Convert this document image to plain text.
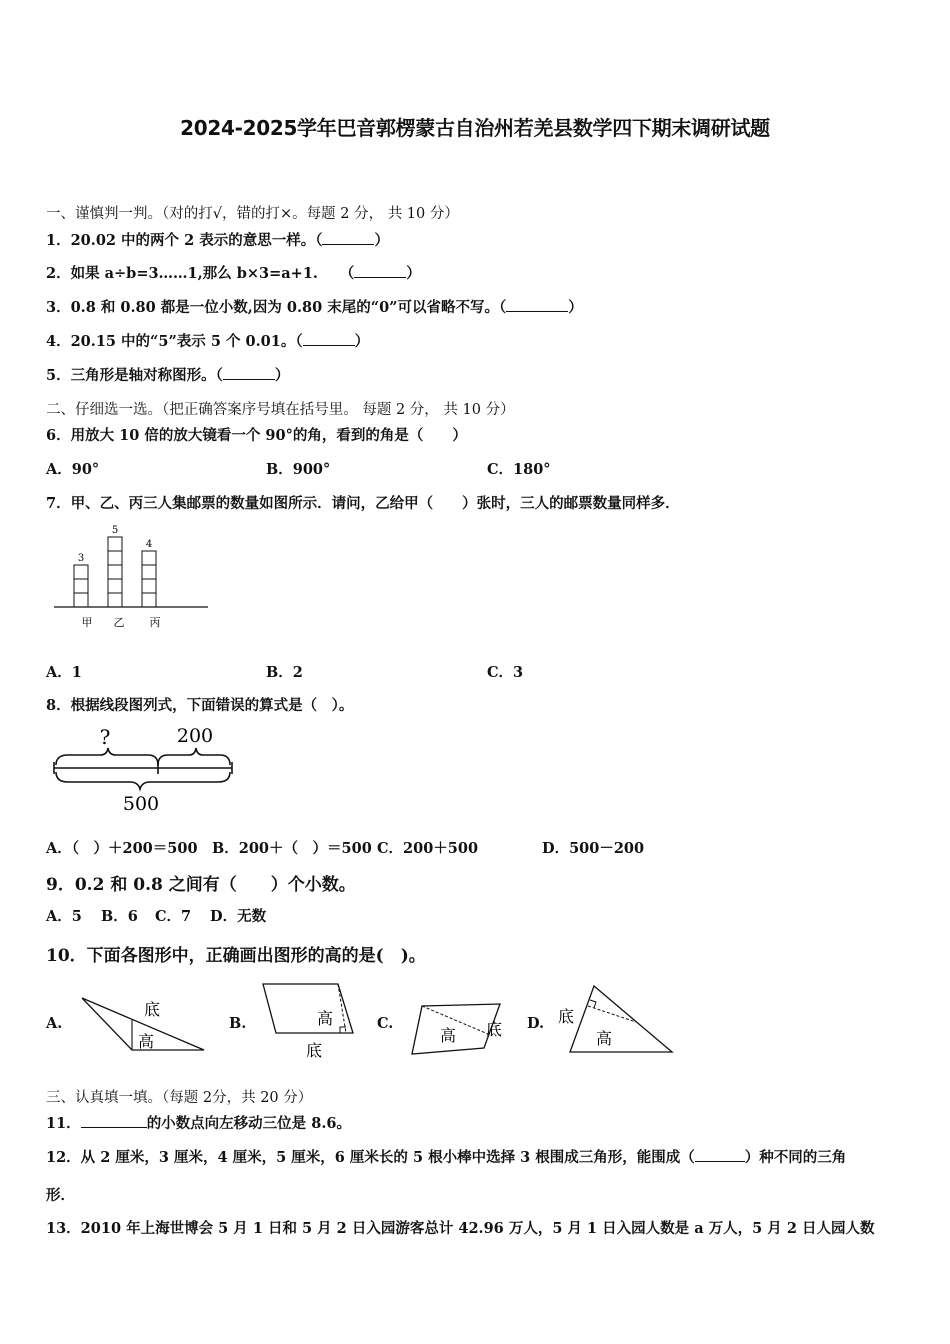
2024-2025学年巴音郭楞蒙古自治州若羌县数学四下期末调研试题
一、谨慎判一判。（对的打√，错的打×。每题 2 分， 共 10 分）
1．20.02 中的两个 2 表示的意思一样。（	）
2．如果 a÷b=3……1,那么 b×3=a+1.　　（	）
3．0.8 和 0.80 都是一位小数,因为 0.80 末尾的“0”可以省略不写。（	）
4．20.15 中的“5”表示 5 个 0.01。（	）
5．三角形是轴对称图形。（	）
二、仔细选一选。（把正确答案序号填在括号里。 每题 2 分， 共 10 分）
6．用放大 10 倍的放大镜看一个 90°的角，看到的角是（　　）
A．90°	B．900°	C．180°
7．甲、乙、丙三人集邮票的数量如图所示．请问，乙给甲（　　）张时，三人的邮票数量同样多．
3
甲
5
乙
4
丙
A．1	B．2	C．3
8．根据线段图列式，下面错误的算式是（　）。
?	200
500
A．（　）＋200＝500 B．200＋（　）＝500 C．200＋500	D．500－200
9．0.2 和 0.8 之间有（　　）个小数。
A．5 B．6 C．7 D．无数
10．下面各图形中，正确画出图形的高的是(　)。
A.
底
高
B.	高
底
C.
高 底 D. 底
高
三、认真填一填。（每题 2分，共 20 分）
11．	的小数点向左移动三位是 8.6。
12．从 2 厘米，3 厘米，4 厘米，5 厘米，6 厘米长的 5 根小棒中选择 3 根围成三角形，能围成（	）种不同的三角
形．
13．2010 年上海世博会 5 月 1 日和 5 月 2 日入园游客总计 42.96 万人，5 月 1 日入园人数是 a 万人，5 月 2 日人园人数
